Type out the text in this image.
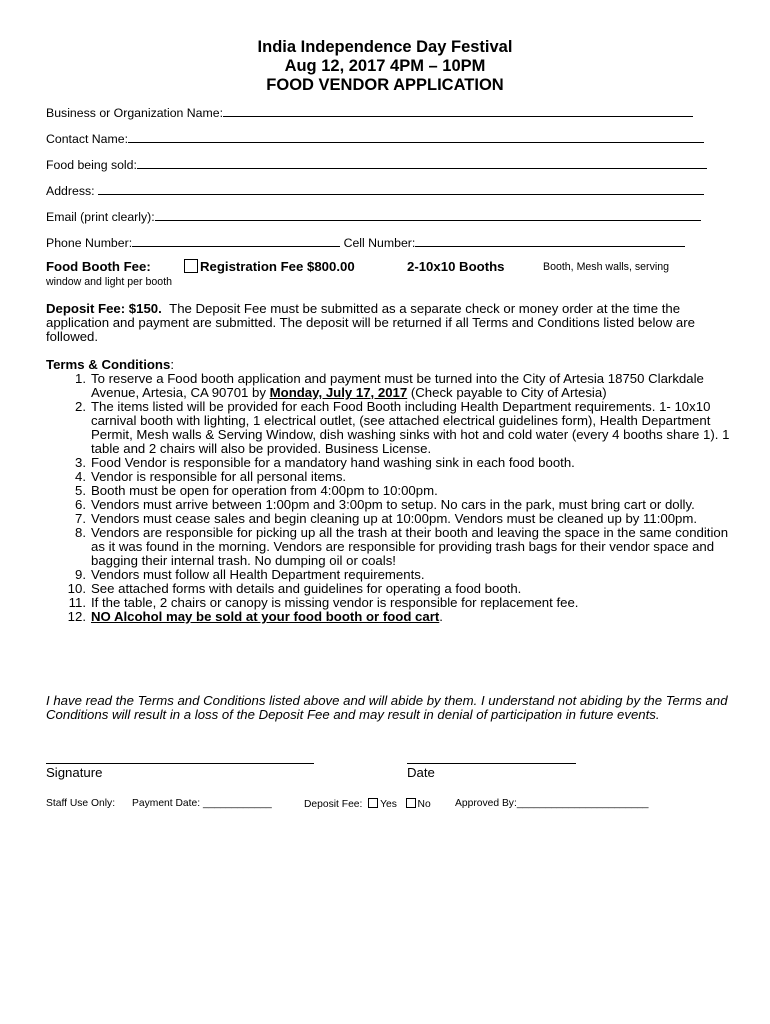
India Independence Day Festival
Aug 12, 2017 4PM – 10PM
FOOD VENDOR APPLICATION
Business or Organization Name:
Contact Name:
Food being sold:
Address:
Email (print clearly):
Phone Number:	Cell Number:
Food Booth Fee:	Registration Fee $800.00	2-10x10 Booths	Booth, Mesh walls, serving
window and light per booth
Deposit Fee: $150. The Deposit Fee must be submitted as a separate check or money order at the time the application and payment are submitted. The deposit will be returned if all Terms and Conditions listed below are followed.
Terms & Conditions:
1. To reserve a Food booth application and payment must be turned into the City of Artesia 18750 Clarkdale Avenue, Artesia, CA 90701 by Monday, July 17, 2017 (Check payable to City of Artesia)
2. The items listed will be provided for each Food Booth including Health Department requirements. 1- 10x10 carnival booth with lighting, 1 electrical outlet, (see attached electrical guidelines form), Health Department Permit, Mesh walls & Serving Window, dish washing sinks with hot and cold water (every 4 booths share 1). 1 table and 2 chairs will also be provided. Business License.
3. Food Vendor is responsible for a mandatory hand washing sink in each food booth.
4. Vendor is responsible for all personal items.
5. Booth must be open for operation from 4:00pm to 10:00pm.
6. Vendors must arrive between 1:00pm and 3:00pm to setup. No cars in the park, must bring cart or dolly.
7. Vendors must cease sales and begin cleaning up at 10:00pm. Vendors must be cleaned up by 11:00pm.
8. Vendors are responsible for picking up all the trash at their booth and leaving the space in the same condition as it was found in the morning. Vendors are responsible for providing trash bags for their vendor space and bagging their internal trash. No dumping oil or coals!
9. Vendors must follow all Health Department requirements.
10. See attached forms with details and guidelines for operating a food booth.
11. If the table, 2 chairs or canopy is missing vendor is responsible for replacement fee.
12. NO Alcohol may be sold at your food booth or food cart.
I have read the Terms and Conditions listed above and will abide by them. I understand not abiding by the Terms and Conditions will result in a loss of the Deposit Fee and may result in denial of participation in future events.
Signature	Date
Staff Use Only: Payment Date: ____________	Deposit Fee: Yes No Approved By:_______________________
